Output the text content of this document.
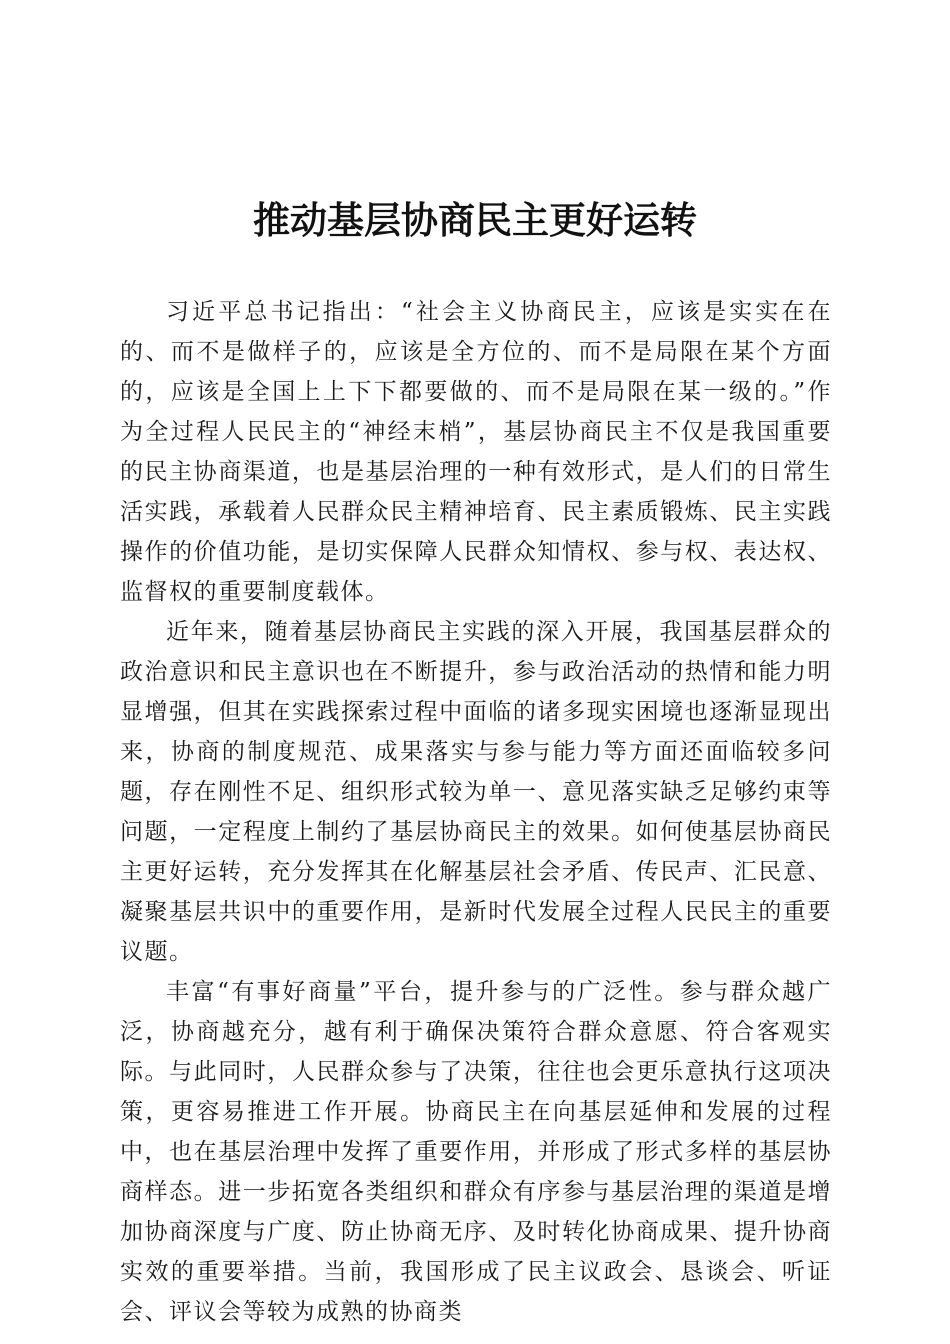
推动基层协商民主更好运转

习近平总书记指出：“社会主义协商民主，应该是实实在在的、而不是做样子的，应该是全方位的、而不是局限在某个方面的，应该是全国上上下下都要做的、而不是局限在某一级的。”作为全过程人民民主的“神经末梢”，基层协商民主不仅是我国重要的民主协商渠道，也是基层治理的一种有效形式，是人们的日常生活实践，承载着人民群众民主精神培育、民主素质锻炼、民主实践操作的价值功能，是切实保障人民群众知情权、参与权、表达权、监督权的重要制度载体。

近年来，随着基层协商民主实践的深入开展，我国基层群众的政治意识和民主意识也在不断提升，参与政治活动的热情和能力明显增强，但其在实践探索过程中面临的诸多现实困境也逐渐显现出来，协商的制度规范、成果落实与参与能力等方面还面临较多问题，存在刚性不足、组织形式较为单一、意见落实缺乏足够约束等问题，一定程度上制约了基层协商民主的效果。如何使基层协商民主更好运转，充分发挥其在化解基层社会矛盾、传民声、汇民意、凝聚基层共识中的重要作用，是新时代发展全过程人民民主的重要议题。

丰富“有事好商量”平台，提升参与的广泛性。参与群众越广泛，协商越充分，越有利于确保决策符合群众意愿、符合客观实际。与此同时，人民群众参与了决策，往往也会更乐意执行这项决策，更容易推进工作开展。协商民主在向基层延伸和发展的过程中，也在基层治理中发挥了重要作用，并形成了形式多样的基层协商样态。进一步拓宽各类组织和群众有序参与基层治理的渠道是增加协商深度与广度、防止协商无序、及时转化协商成果、提升协商实效的重要举措。当前，我国形成了民主议政会、恳谈会、听证会、评议会等较为成熟的协商类
